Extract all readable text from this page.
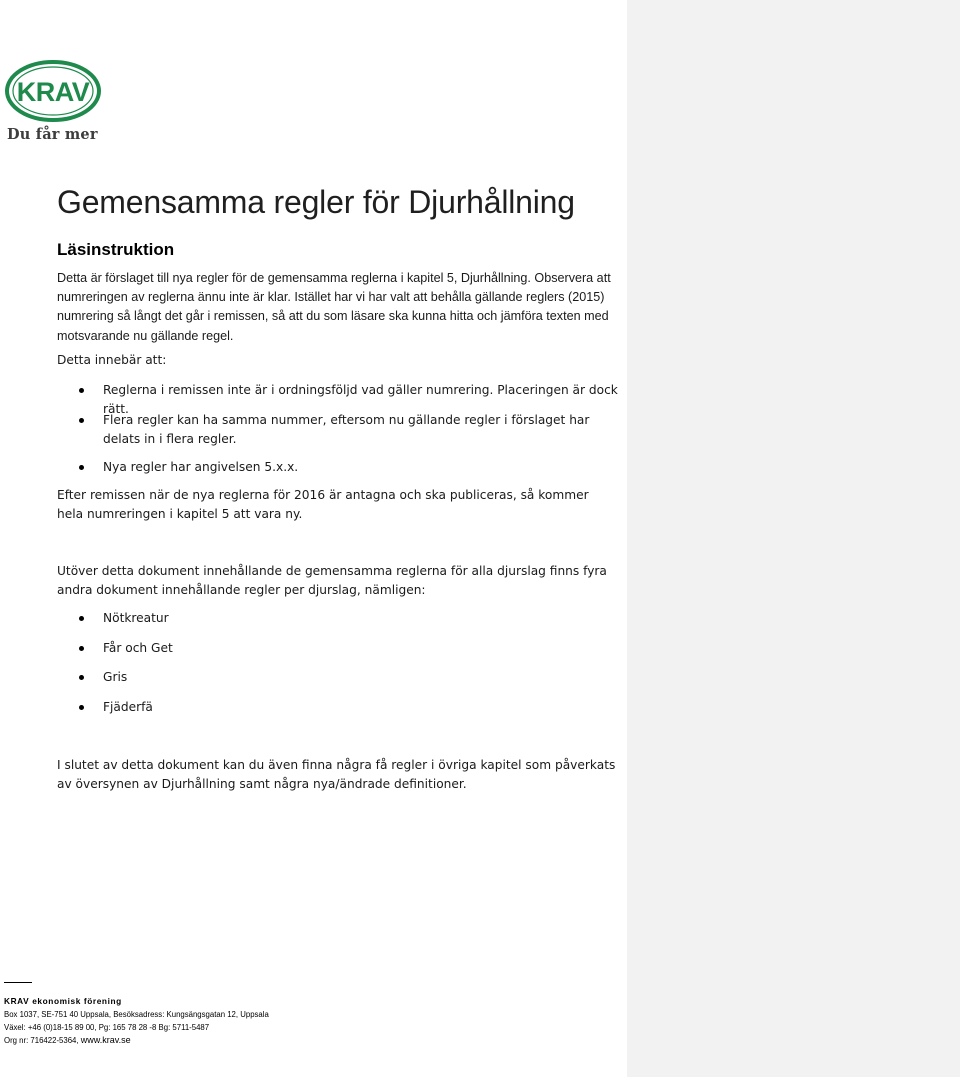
KRAV
Du får mer
Gemensamma regler för Djurhållning
Läsinstruktion

Detta är förslaget till nya regler för de gemensamma reglerna i kapitel 5, Djurhållning. Observera att numreringen av reglerna ännu inte är klar. Istället har vi har valt att behålla gällande reglers (2015) numrering så långt det går i remissen, så att du som läsare ska kunna hitta och jämföra texten med motsvarande nu gällande regel.

Detta innebär att:

Reglerna i remissen inte är i ordningsföljd vad gäller numrering. Placeringen är dock rätt.
Flera regler kan ha samma nummer, eftersom nu gällande regler i förslaget har delats in i flera regler.
Nya regler har angivelsen 5.x.x.

Efter remissen när de nya reglerna för 2016 är antagna och ska publiceras, så kommer hela numreringen i kapitel 5 att vara ny.

Utöver detta dokument innehållande de gemensamma reglerna för alla djurslag finns fyra andra dokument innehållande regler per djurslag, nämligen:

Nötkreatur
Får och Get
Gris
Fjäderfä

I slutet av detta dokument kan du även finna några få regler i övriga kapitel som påverkats av översynen av Djurhållning samt några nya/ändrade definitioner.

KRAV ekonomisk förening
Box 1037, SE-751 40 Uppsala, Besöksadress: Kungsängsgatan 12, Uppsala
Växel: +46 (0)18-15 89 00, Pg: 165 78 28 -8 Bg: 5711-5487
Org nr: 716422-5364, www.krav.se
